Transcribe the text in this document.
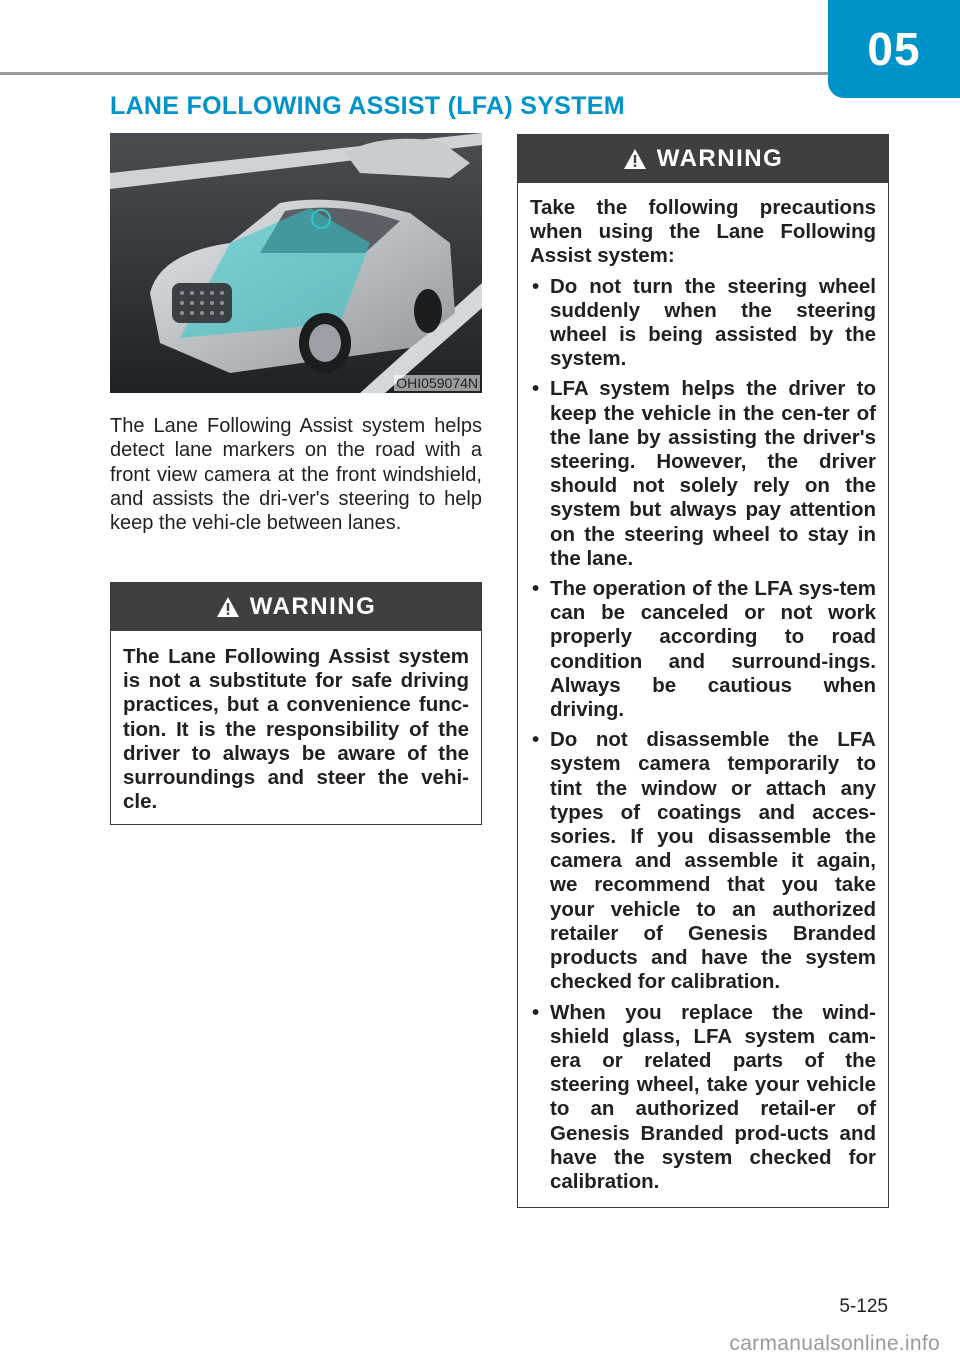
05
LANE FOLLOWING ASSIST (LFA) SYSTEM
OHI059074N
The Lane Following Assist system helps detect lane markers on the road with a front view camera at the front windshield, and assists the dri-ver's steering to help keep the vehi-cle between lanes.
WARNING
The Lane Following Assist system is not a substitute for safe driving practices, but a convenience func-tion. It is the responsibility of the driver to always be aware of the surroundings and steer the vehi-cle.
WARNING
Take the following precautions when using the Lane Following Assist system:
• Do not turn the steering wheel suddenly when the steering wheel is being assisted by the system.
• LFA system helps the driver to keep the vehicle in the cen-ter of the lane by assisting the driver's steering. However, the driver should not solely rely on the system but always pay attention on the steering wheel to stay in the lane.
• The operation of the LFA sys-tem can be canceled or not work properly according to road condition and surround-ings. Always be cautious when driving.
• Do not disassemble the LFA system camera temporarily to tint the window or attach any types of coatings and acces-sories. If you disassemble the camera and assemble it again, we recommend that you take your vehicle to an authorized retailer of Genesis Branded products and have the system checked for calibration.
• When you replace the wind-shield glass, LFA system cam-era or related parts of the steering wheel, take your vehicle to an authorized retail-er of Genesis Branded prod-ucts and have the system checked for calibration.
5-125
carmanualsonline.info
